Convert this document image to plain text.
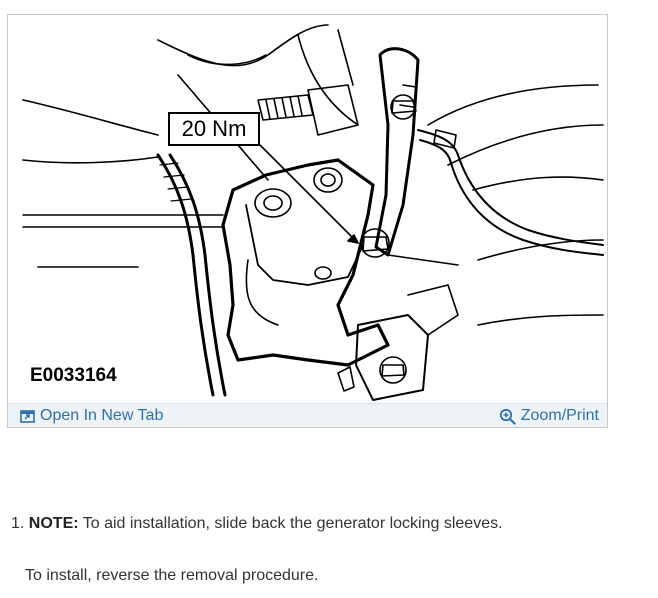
20 Nm
E0033164
Open In New Tab	Zoom/Print
1. NOTE: To aid installation, slide back the generator locking sleeves.
To install, reverse the removal procedure.
